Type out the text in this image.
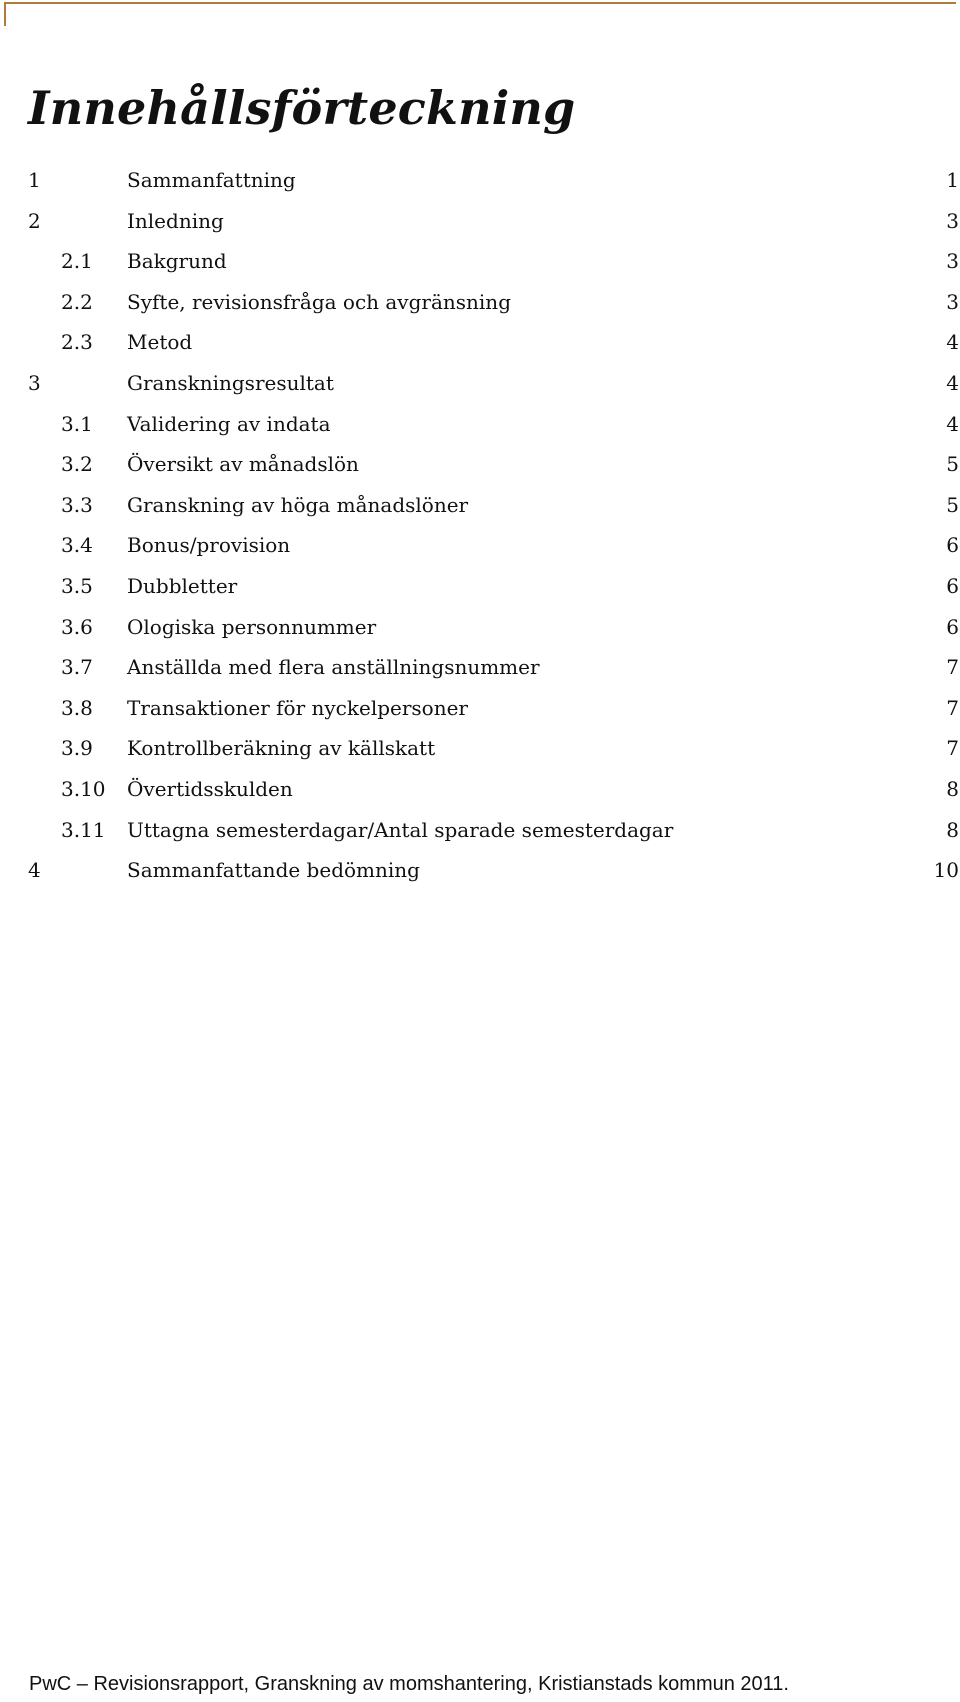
Innehållsförteckning
1	Sammanfattning	1
2	Inledning	3
2.1 Bakgrund	3
2.2 Syfte, revisionsfråga och avgränsning	3
2.3 Metod	4
3	Granskningsresultat	4
3.1 Validering av indata	4
3.2 Översikt av månadslön	5
3.3 Granskning av höga månadslöner	5
3.4 Bonus/provision	6
3.5 Dubbletter	6
3.6 Ologiska personnummer	6
3.7 Anställda med flera anställningsnummer	7
3.8 Transaktioner för nyckelpersoner	7
3.9 Kontrollberäkning av källskatt	7
3.10 Övertidsskulden	8
3.11 Uttagna semesterdagar/Antal sparade semesterdagar	8
4	Sammanfattande bedömning	10
PwC – Revisionsrapport, Granskning av momshantering, Kristianstads kommun 2011.
